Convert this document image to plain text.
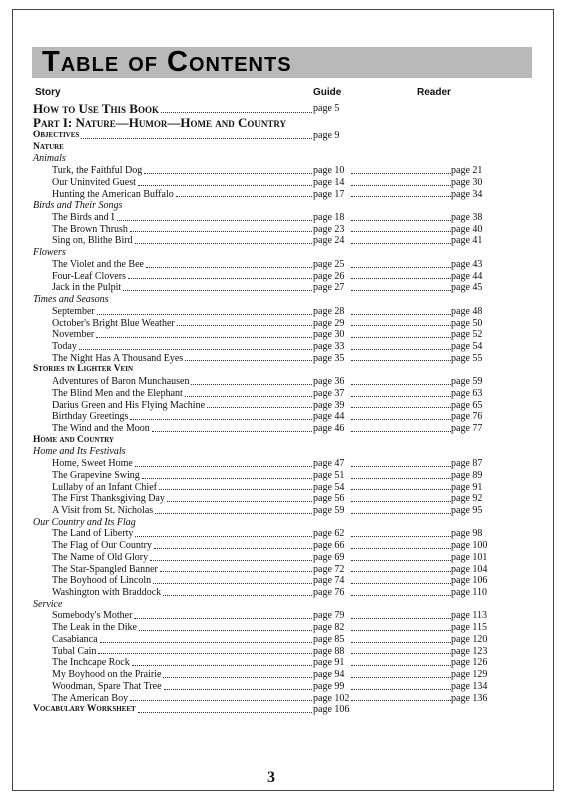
Table of Contents
Story	Guide	Reader
How to Use This Book	page 5
Part I: Nature—Humor—Home and Country
Objectives	page 9
Nature
Animals
Turk, the Faithful Dog	page 10	page 21
Our Uninvited Guest	page 14	page 30
Hunting the American Buffalo	page 17	page 34
Birds and Their Songs
The Birds and I	page 18	page 38
The Brown Thrush	page 23	page 40
Sing on, Blithe Bird	page 24	page 41
Flowers
The Violet and the Bee	page 25	page 43
Four-Leaf Clovers	page 26	page 44
Jack in the Pulpit	page 27	page 45
Times and Seasons
September	page 28	page 48
October's Bright Blue Weather	page 29	page 50
November	page 30	page 52
Today	page 33	page 54
The Night Has A Thousand Eyes	page 35	page 55
Stories in Lighter Vein
Adventures of Baron Munchausen	page 36	page 59
The Blind Men and the Elephant	page 37	page 63
Darius Green and His Flying Machine	page 39	page 65
Birthday Greetings	page 44	page 76
The Wind and the Moon	page 46	page 77
Home and Country
Home and Its Festivals
Home, Sweet Home	page 47	page 87
The Grapevine Swing	page 51	page 89
Lullaby of an Infant Chief	page 54	page 91
The First Thanksgiving Day	page 56	page 92
A Visit from St. Nicholas	page 59	page 95
Our Country and Its Flag
The Land of Liberty	page 62	page 98
The Flag of Our Country	page 66	page 100
The Name of Old Glory	page 69	page 101
The Star-Spangled Banner	page 72	page 104
The Boyhood of Lincoln	page 74	page 106
Washington with Braddock	page 76	page 110
Service
Somebody's Mother	page 79	page 113
The Leak in the Dike	page 82	page 115
Casabianca	page 85	page 120
Tubal Cain	page 88	page 123
The Inchcape Rock	page 91	page 126
My Boyhood on the Prairie	page 94	page 129
Woodman, Spare That Tree	page 99	page 134
The American Boy	page 102	page 136
Vocabulary Worksheet	page 106
3
